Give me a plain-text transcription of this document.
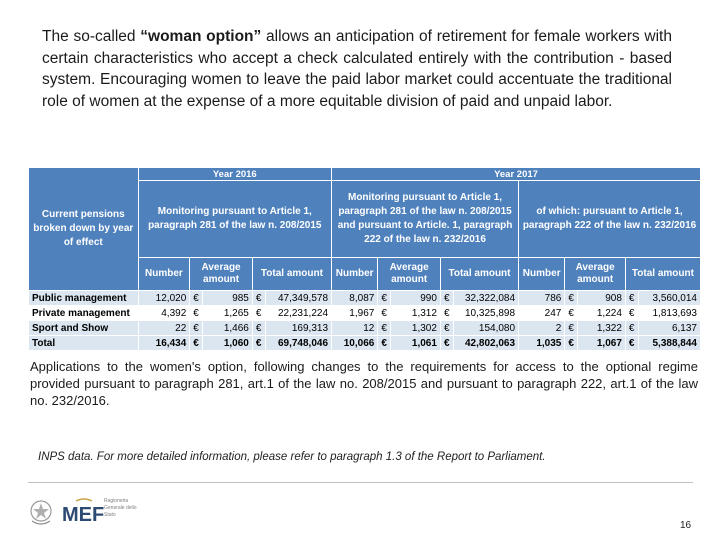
The so-called “woman option” allows an anticipation of retirement for female workers with certain characteristics who accept a check calculated entirely with the contribution - based system. Encouraging women to leave the paid labor market could accentuate the traditional role of women at the expense of a more equitable division of paid and unpaid labor.
Current pensions broken down by year of effect	Year 2016					Year 2017									
	Monitoring pursuant to Article 1, paragraph 281 of the law n. 208/2015					Monitoring pursuant to Article 1, paragraph 281 of the law n. 208/2015 and pursuant to Article. 1, paragraph 222 of the law n. 232/2016					of which: pursuant to Article 1, paragraph 222 of the law n. 232/2016				
	Number	Average amount		Total amount		Number	Average amount		Total amount		Number	Average amount		Total amount	
Public management	12,020	€	985	€	47,349,578	8,087	€	990	€	32,322,084	786	€	908	€	3,560,014
Private management	4,392	€	1,265	€	22,231,224	1,967	€	1,312	€	10,325,898	247	€	1,224	€	1,813,693
Sport and Show	22	€	1,466	€	169,313	12	€	1,302	€	154,080	2	€	1,322	€	6,137
Total	16,434	€	1,060	€	69,748,046	10,066	€	1,061	€	42,802,063	1,035	€	1,067	€	5,388,844
Applications to the women's option, following changes to the requirements for access to the optional regime provided pursuant to paragraph 281, art.1 of the law no. 208/2015 and pursuant to paragraph 222, art.1 of the law no. 232/2016.
INPS data. For more detailed information, please refer to paragraph 1.3 of the Report to Parliament.
MEF
Ragioneria Generale dello Stato
16
